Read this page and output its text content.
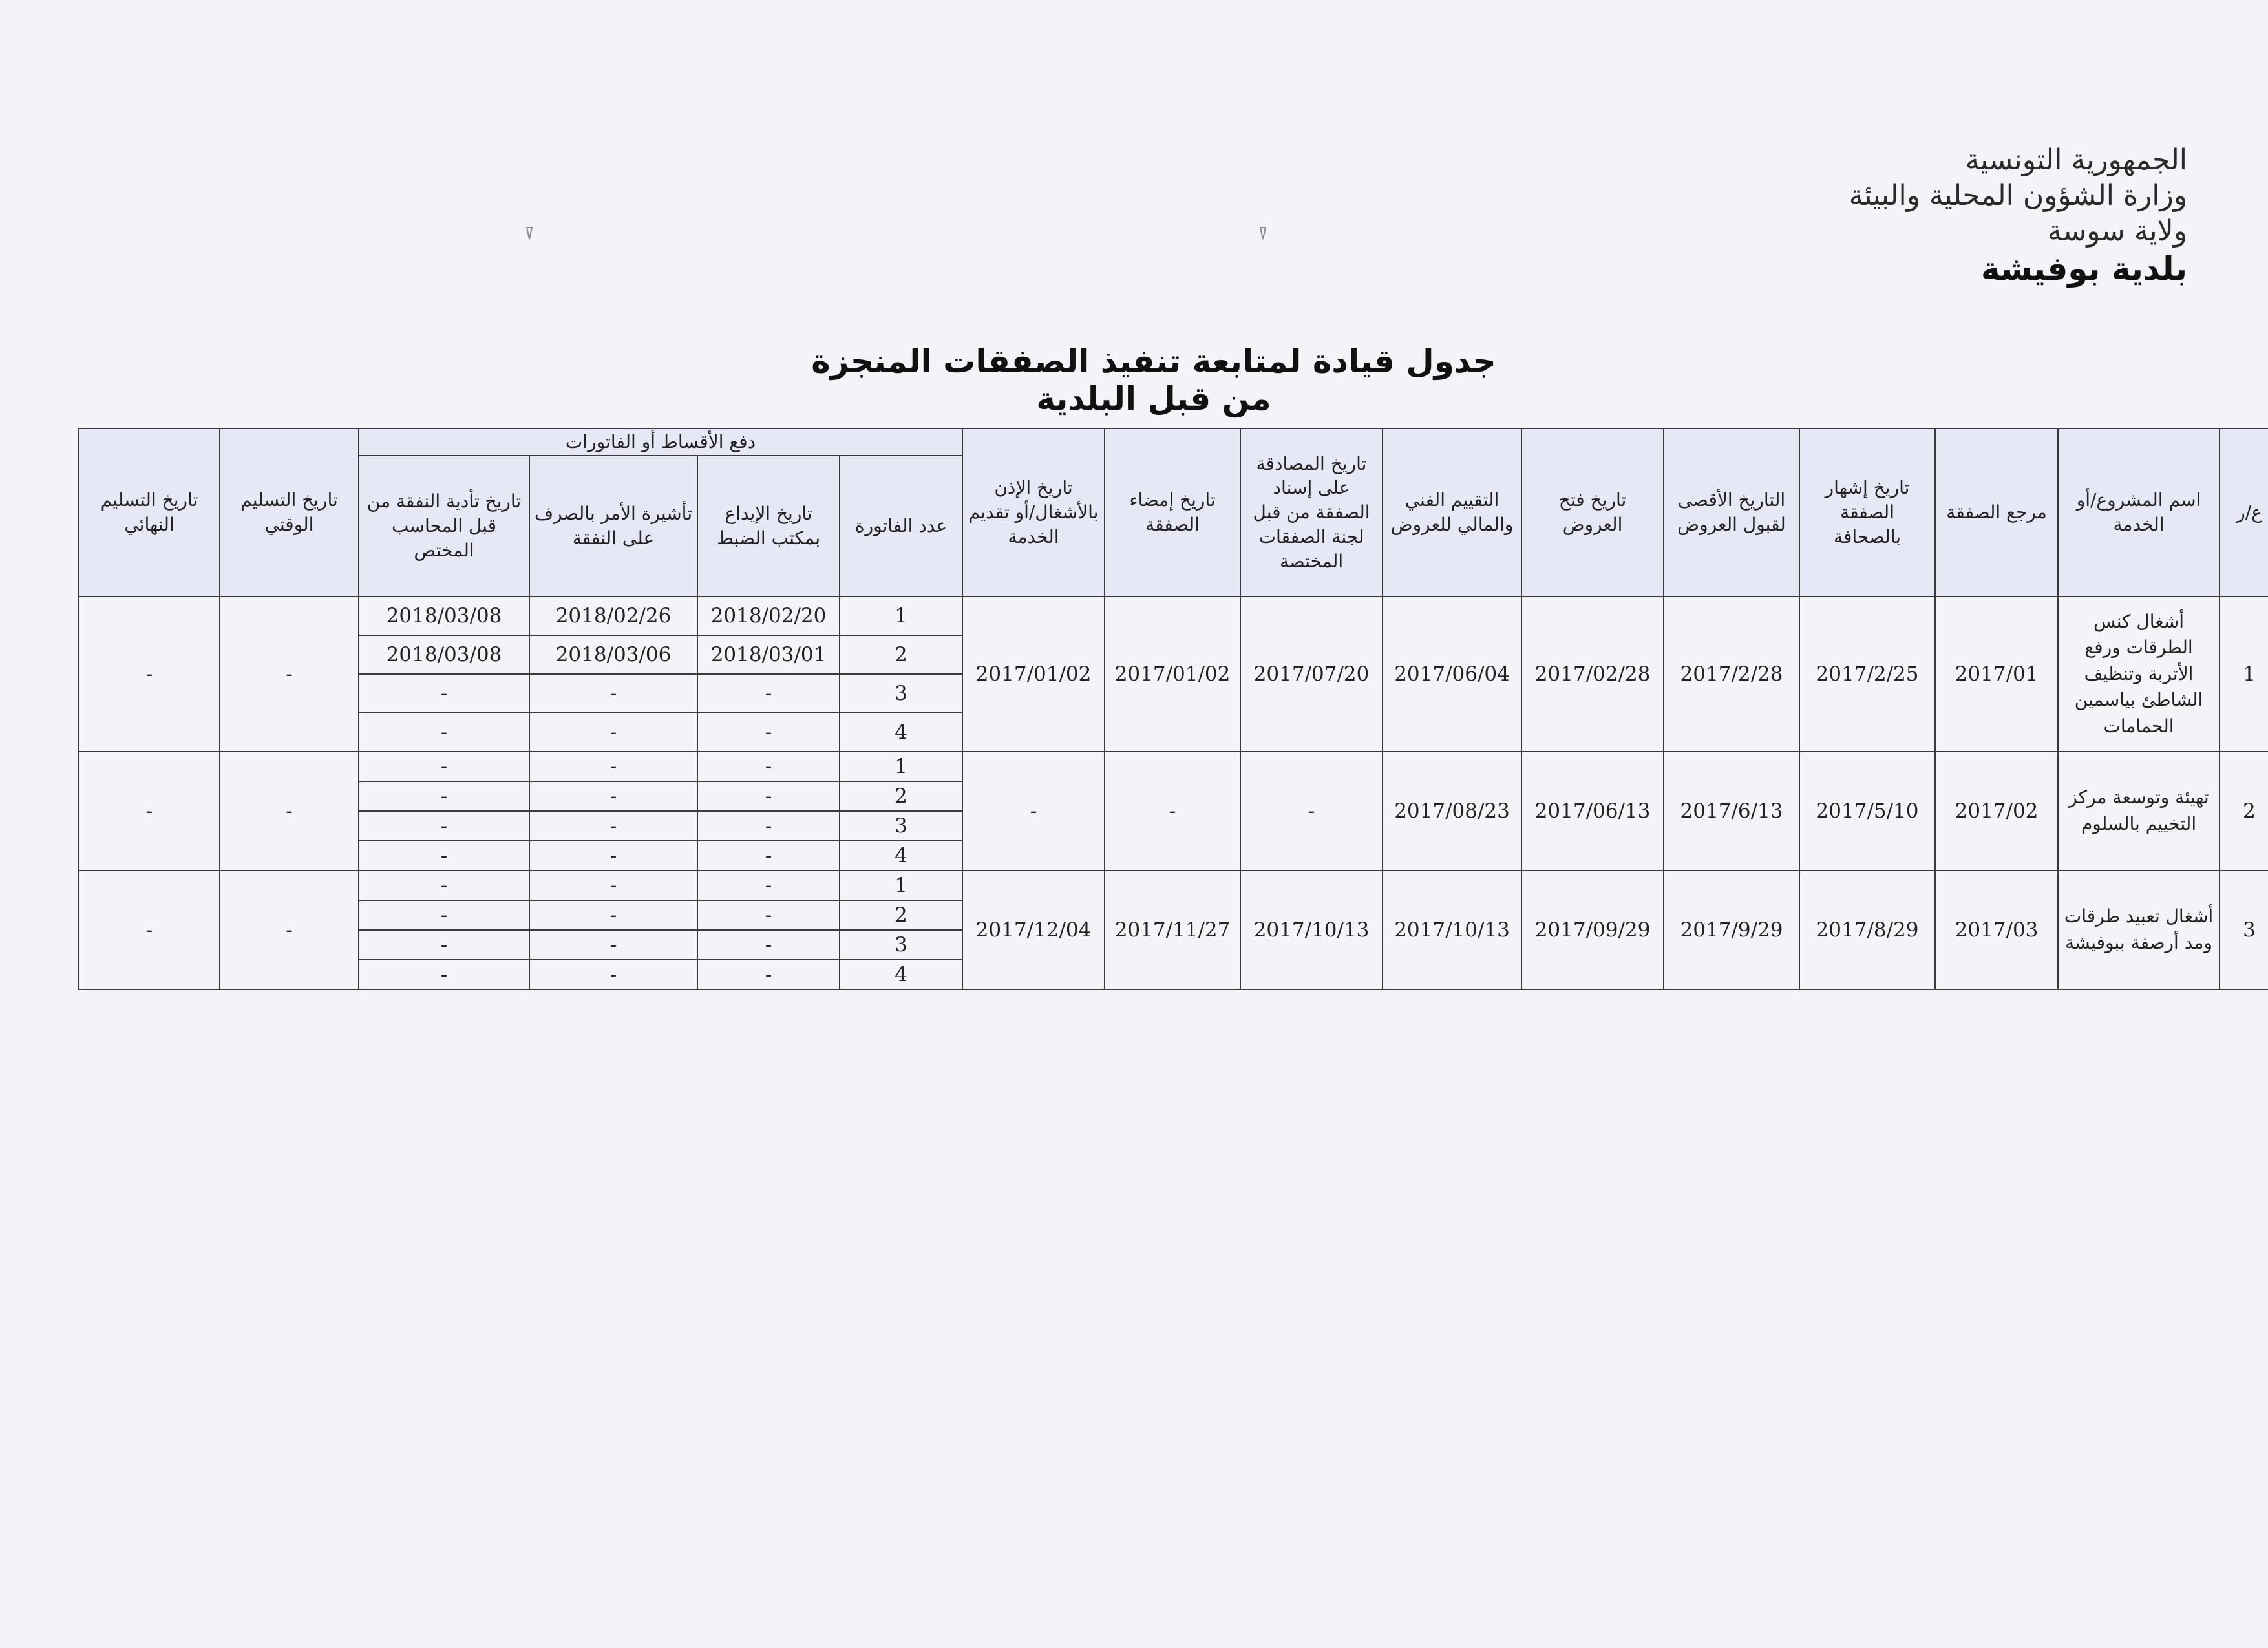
الجمهورية التونسية
وزارة الشؤون المحلية والبيئة
ولاية سوسة
بلدية بوفيشة
جدول قيادة لمتابعة تنفيذ الصفقات المنجزة من قبل البلدية
ع/ر	اسم المشروع/أو الخدمة	مرجع الصفقة	تاريخ إشهار الصفقة بالصحافة	التاريخ الأقصى لقبول العروض	تاريخ فتح العروض	التقييم الفني والمالي للعروض	تاريخ المصادقة على إسناد الصفقة من قبل لجنة الصفقات المختصة	تاريخ إمضاء الصفقة	تاريخ الإذن بالأشغال/أو تقديم الخدمة	دفع الأقساط أو الفاتورات				تاريخ التسليم الوقتي	تاريخ التسليم النهائي
										عدد الفاتورة	تاريخ الإيداع بمكتب الضبط	تأشيرة الأمر بالصرف على النفقة	تاريخ تأدية النفقة من قبل المحاسب المختص		
1	أشغال كنس الطرقات ورفع الأتربة وتنظيف الشاطئ بياسمين الحمامات	2017/01	2017/2/25	2017/2/28	2017/02/28	2017/06/04	2017/07/20	2017/01/02	2017/01/02	1	2018/02/20	2018/02/26	2018/03/08	-	-
										2	2018/03/01	2018/03/06	2018/03/08		
										3	-	-	-		
										4	-	-	-		
2	تهيئة وتوسعة مركز التخييم بالسلوم	2017/02	2017/5/10	2017/6/13	2017/06/13	2017/08/23	-	-	-	1	-	-	-	-	-
										2	-	-	-		
										3	-	-	-		
										4	-	-	-		
3	أشغال تعبيد طرقات ومد أرصفة ببوفيشة	2017/03	2017/8/29	2017/9/29	2017/09/29	2017/10/13	2017/10/13	2017/11/27	2017/12/04	1	-	-	-	-	-
										2	-	-	-		
										3	-	-	-		
										4	-	-	-		
